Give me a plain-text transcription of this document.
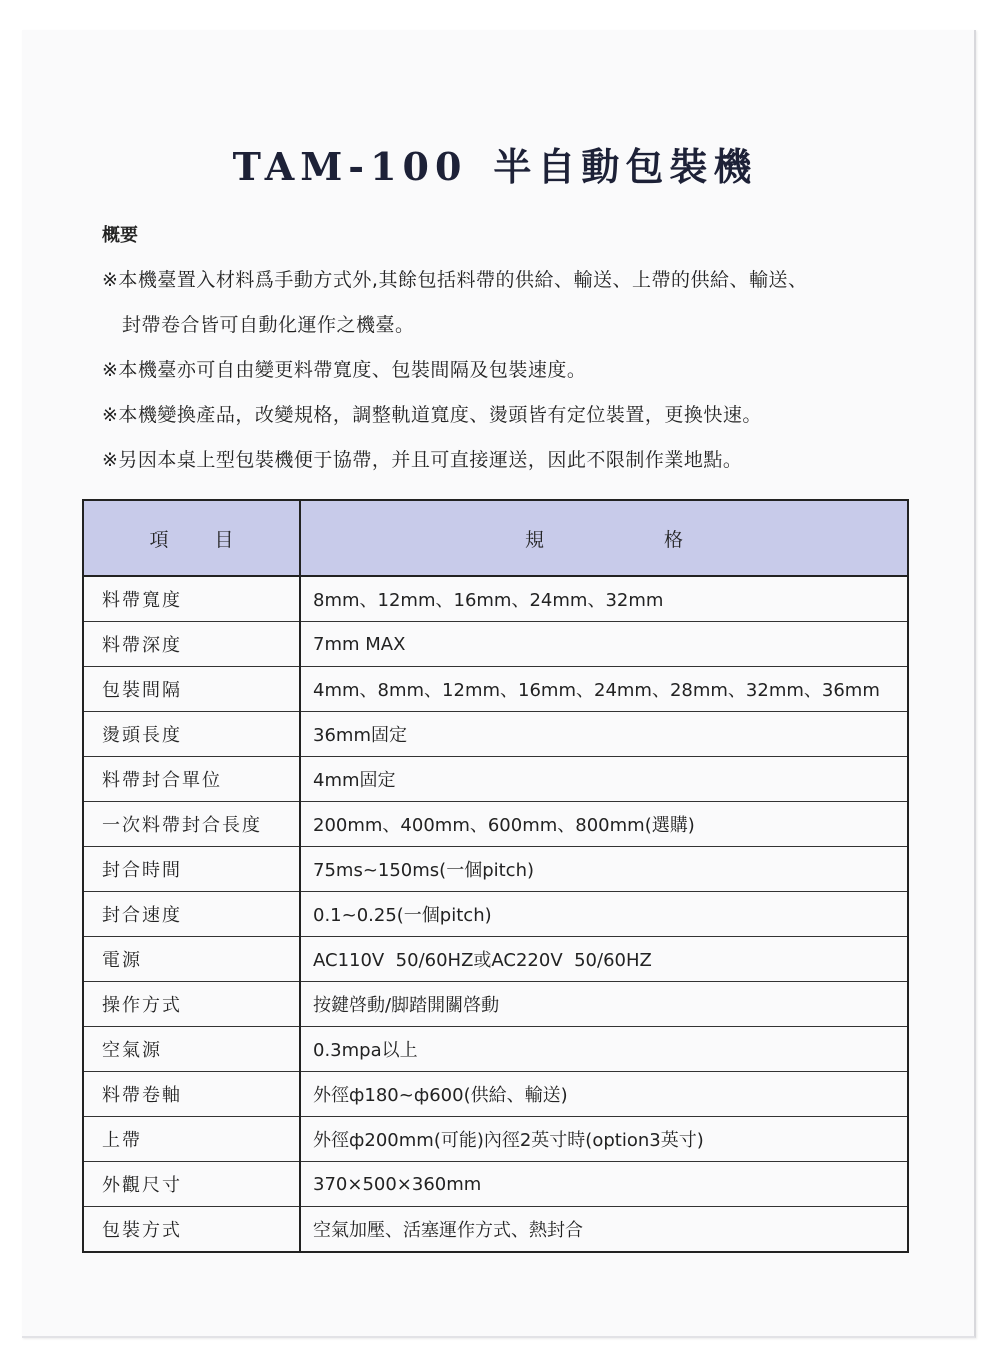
TAM-100 半自動包裝機
概要
※本機臺置入材料爲手動方式外,其餘包括料帶的供給、輸送、上帶的供給、輸送、
封帶卷合皆可自動化運作之機臺。
※本機臺亦可自由變更料帶寬度、包裝間隔及包裝速度。
※本機變換產品，改變規格，調整軌道寬度、燙頭皆有定位裝置，更換快速。
※另因本桌上型包裝機便于協帶，并且可直接運送，因此不限制作業地點。
項 目	規 格

料帶寬度	8mm、12mm、16mm、24mm、32mm
料帶深度	7mm MAX
包裝間隔	4mm、8mm、12mm、16mm、24mm、28mm、32mm、36mm
燙頭長度	36mm固定
料帶封合單位	4mm固定
一次料帶封合長度	200mm、400mm、600mm、800mm(選購)
封合時間	75ms~150ms(一個pitch)
封合速度	0.1~0.25(一個pitch)
電源	AC110V  50/60HZ或AC220V  50/60HZ
操作方式	按鍵啓動/脚踏開關啓動
空氣源	0.3mpa以上
料帶卷軸	外徑ф180~ф600(供給、輸送)
上帶	外徑ф200mm(可能)內徑2英寸時(option3英寸)
外觀尺寸	370×500×360mm
包裝方式	空氣加壓、活塞運作方式、熱封合
